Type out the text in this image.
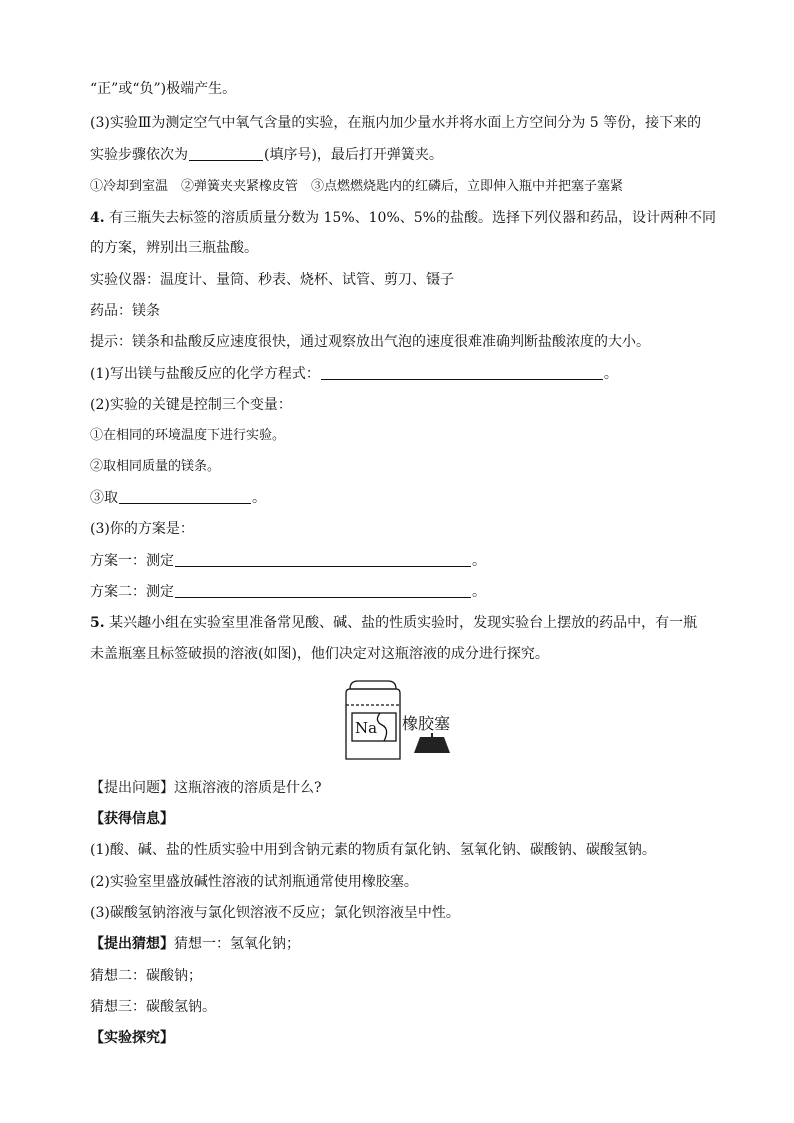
“正”或“负”)极端产生。
(3)实验Ⅲ为测定空气中氧气含量的实验，在瓶内加少量水并将水面上方空间分为 5 等份，接下来的
实验步骤依次为	(填序号)，最后打开弹簧夹。
①冷却到室温　②弹簧夹夹紧橡皮管　③点燃燃烧匙内的红磷后，立即伸入瓶中并把塞子塞紧
4. 有三瓶失去标签的溶质质量分数为 15%、10%、5%的盐酸。选择下列仪器和药品，设计两种不同
的方案，辨别出三瓶盐酸。
实验仪器：温度计、量筒、秒表、烧杯、试管、剪刀、镊子
药品：镁条
提示：镁条和盐酸反应速度很快，通过观察放出气泡的速度很难准确判断盐酸浓度的大小。
(1)写出镁与盐酸反应的化学方程式：	。
(2)实验的关键是控制三个变量：
①在相同的环境温度下进行实验。
②取相同质量的镁条。
③取	。
(3)你的方案是：
方案一：测定	。
方案二：测定	。
5. 某兴趣小组在实验室里准备常见酸、碱、盐的性质实验时，发现实验台上摆放的药品中，有一瓶
未盖瓶塞且标签破损的溶液(如图)，他们决定对这瓶溶液的成分进行探究。
Na 橡胶塞
【提出问题】这瓶溶液的溶质是什么?
【获得信息】
(1)酸、碱、盐的性质实验中用到含钠元素的物质有氯化钠、氢氧化钠、碳酸钠、碳酸氢钠。
(2)实验室里盛放碱性溶液的试剂瓶通常使用橡胶塞。
(3)碳酸氢钠溶液与氯化钡溶液不反应；氯化钡溶液呈中性。
【提出猜想】猜想一：氢氧化钠；
猜想二：碳酸钠；
猜想三：碳酸氢钠。
【实验探究】
